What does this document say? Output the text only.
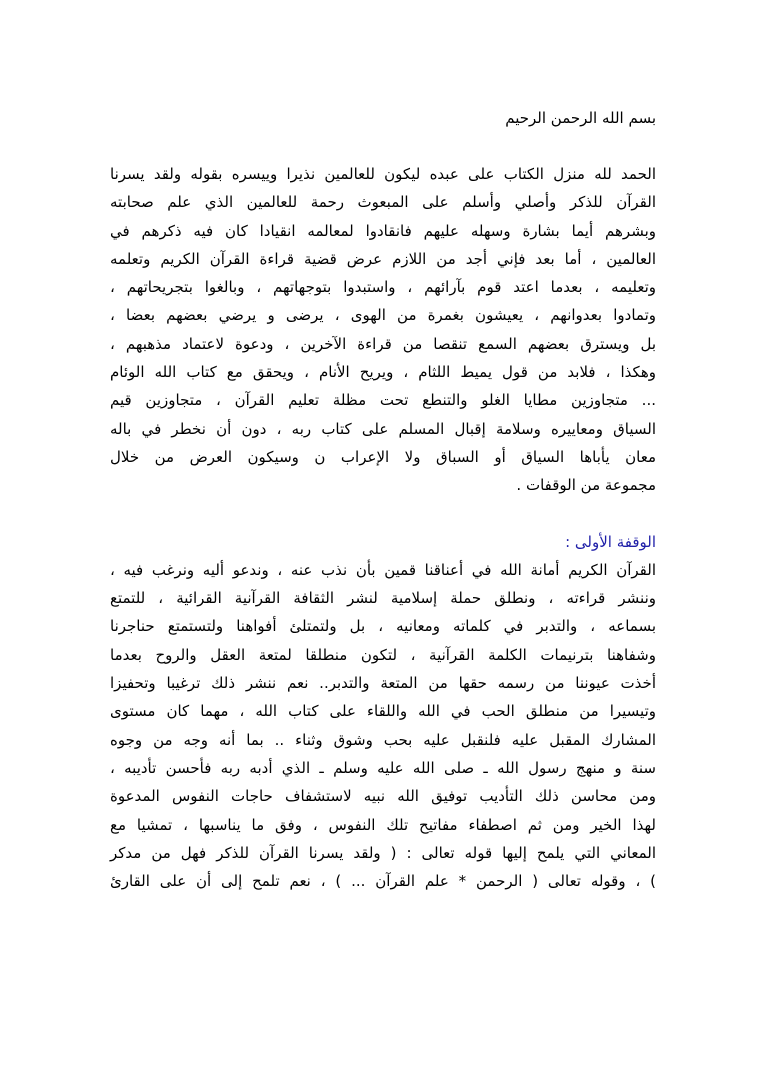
بسم الله الرحمن الرحيم
الحمد لله منزل الكتاب على عبده ليكون للعالمين نذيرا وييسره بقوله ولقد يسرنا
القرآن للذكر وأصلي وأسلم على المبعوث رحمة للعالمين الذي علم صحابته
وبشرهم أيما بشارة وسهله عليهم فانقادوا لمعالمه انقيادا كان فيه ذكرهم في
العالمين ، أما بعد فإني أجد من اللازم عرض قضية قراءة القرآن الكريم وتعلمه
وتعليمه ، بعدما اعتد قوم بآرائهم ، واستبدوا بتوجهاتهم ، وبالغوا بتجريحاتهم ،
وتمادوا بعدوانهم ، يعيشون بغمرة من الهوى ، يرضى و يرضي بعضهم بعضا ،
بل ويسترق بعضهم السمع تنقصا من قراءة الآخرين ، ودعوة لاعتماد مذهبهم ،
وهكذا ، فلابد من قول يميط اللثام ، ويريح الأنام ، ويحقق مع كتاب الله الوئام
... متجاوزين مطايا الغلو والتنطع تحت مظلة تعليم القرآن ، متجاوزين قيم
السياق ومعاييره وسلامة إقبال المسلم على كتاب ربه ، دون أن نخطر في باله
معان يأباها السياق أو السباق ولا الإعراب ن وسيكون العرض من خلال
مجموعة من الوقفات .
الوقفة الأولى :
القرآن الكريم أمانة الله في أعناقنا قمين بأن نذب عنه ، وندعو أليه ونرغب فيه ،
وننشر قراءته ، ونطلق حملة إسلامية لنشر الثقافة القرآنية القرائية ، للتمتع
بسماعه ، والتدبر في كلماته ومعانيه ، بل ولتمتلئ أفواهنا ولتستمتع حناجرنا
وشفاهنا بترنيمات الكلمة القرآنية ، لتكون منطلقا لمتعة العقل والروح بعدما
أخذت عيوننا من رسمه حقها من المتعة والتدبر.. نعم ننشر ذلك ترغيبا وتحفيزا
وتيسيرا من منطلق الحب في الله واللقاء على كتاب الله ، مهما كان مستوى
المشارك المقبل عليه فلنقبل عليه بحب وشوق وثناء .. بما أنه وجه من وجوه
سنة و منهج رسول الله ـ صلى الله عليه وسلم ـ الذي أدبه ربه فأحسن تأديبه ،
ومن محاسن ذلك التأديب توفيق الله نبيه لاستشفاف حاجات النفوس المدعوة
لهذا الخير ومن ثم اصطفاء مفاتيح تلك النفوس ، وفق ما يناسبها ، تمشيا مع
المعاني التي يلمح إليها قوله تعالى : ( ولقد يسرنا القرآن للذكر فهل من مدكر
) ، وقوله تعالى ( الرحمن * علم القرآن ... ) ، نعم تلمح إلى أن على القارئ
